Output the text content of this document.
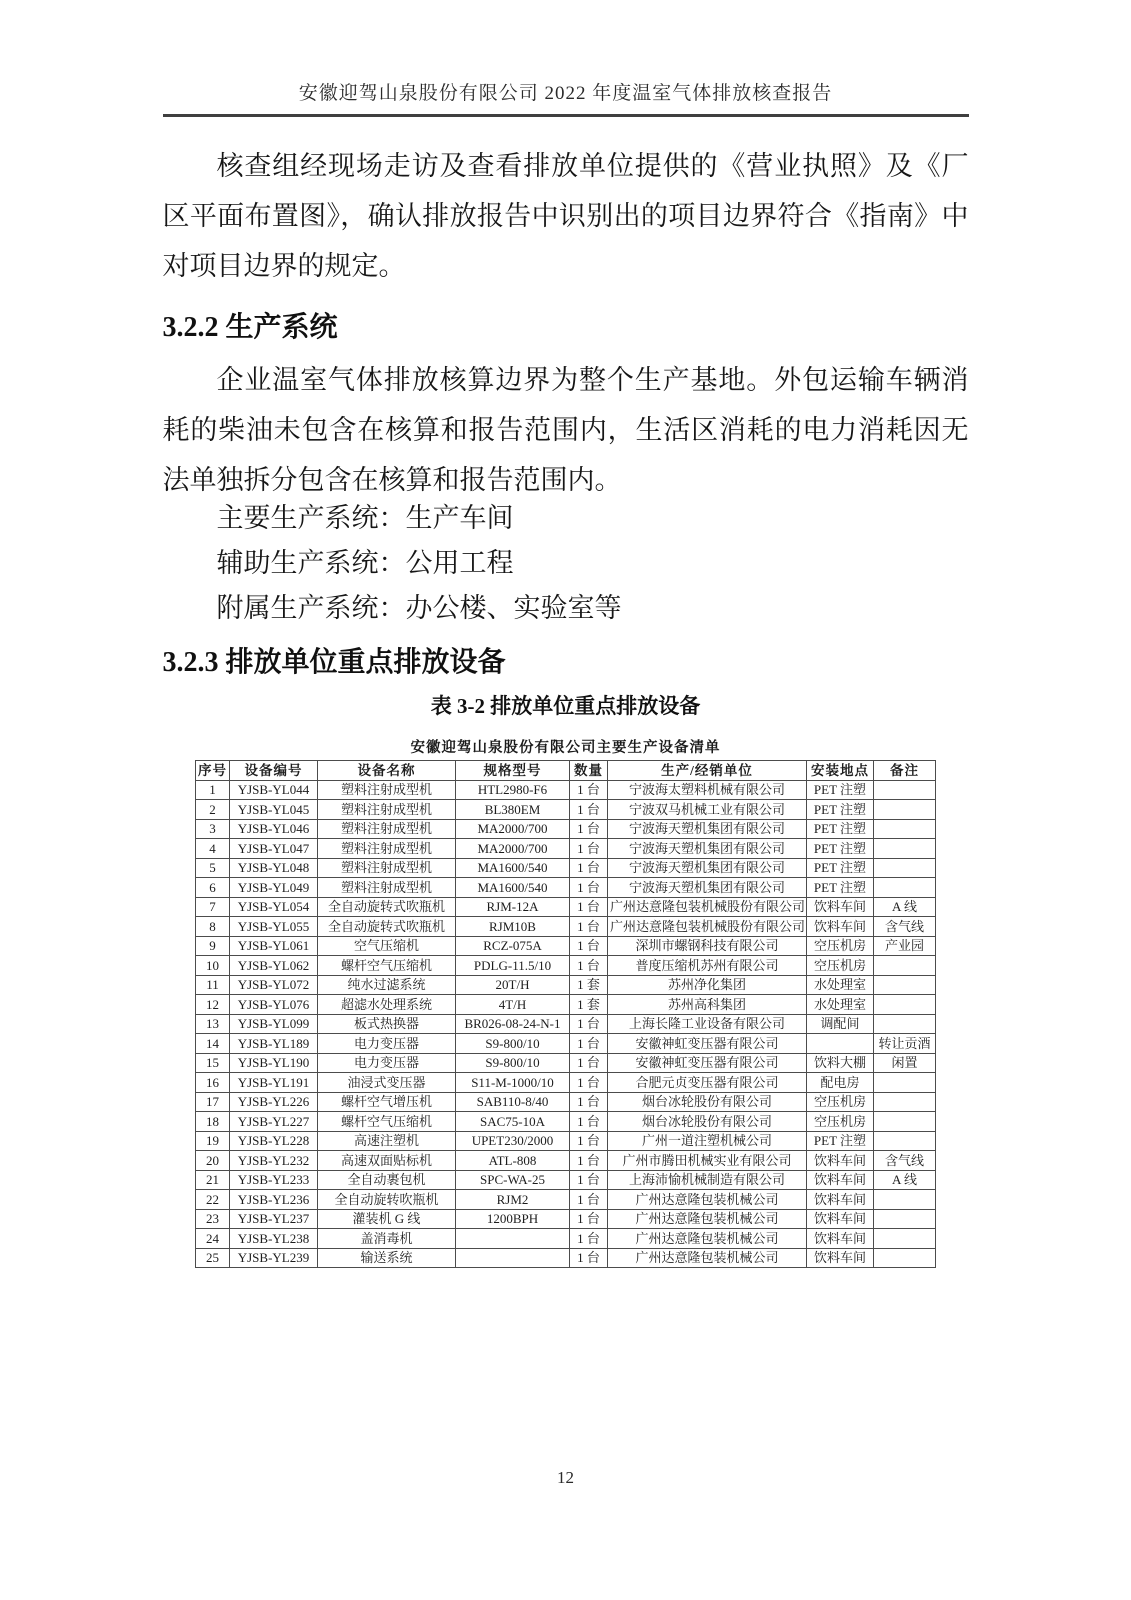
安徽迎驾山泉股份有限公司 2022 年度温室气体排放核查报告

核查组经现场走访及查看排放单位提供的《营业执照》及《厂区平面布置图》，确认排放报告中识别出的项目边界符合《指南》中对项目边界的规定。

3.2.2 生产系统

企业温室气体排放核算边界为整个生产基地。外包运输车辆消耗的柴油未包含在核算和报告范围内，生活区消耗的电力消耗因无法单独拆分包含在核算和报告范围内。

主要生产系统：生产车间

辅助生产系统：公用工程

附属生产系统：办公楼、实验室等

3.2.3 排放单位重点排放设备
表 3-2 排放单位重点排放设备
安徽迎驾山泉股份有限公司主要生产设备清单
序号	设备编号	设备名称	规格型号	数量	生产/经销单位	安装地点	备注
1	YJSB-YL044	塑料注射成型机	HTL2980-F6	1 台	宁波海太塑料机械有限公司	PET 注塑	
2	YJSB-YL045	塑料注射成型机	BL380EM	1 台	宁波双马机械工业有限公司	PET 注塑	
3	YJSB-YL046	塑料注射成型机	MA2000/700	1 台	宁波海天塑机集团有限公司	PET 注塑	
4	YJSB-YL047	塑料注射成型机	MA2000/700	1 台	宁波海天塑机集团有限公司	PET 注塑	
5	YJSB-YL048	塑料注射成型机	MA1600/540	1 台	宁波海天塑机集团有限公司	PET 注塑	
6	YJSB-YL049	塑料注射成型机	MA1600/540	1 台	宁波海天塑机集团有限公司	PET 注塑	
7	YJSB-YL054	全自动旋转式吹瓶机	RJM-12A	1 台	广州达意隆包装机械股份有限公司	饮料车间	A 线
8	YJSB-YL055	全自动旋转式吹瓶机	RJM10B	1 台	广州达意隆包装机械股份有限公司	饮料车间	含气线
9	YJSB-YL061	空气压缩机	RCZ-075A	1 台	深圳市螺钢科技有限公司	空压机房	产业园
10	YJSB-YL062	螺杆空气压缩机	PDLG-11.5/10	1 台	普度压缩机苏州有限公司	空压机房	
11	YJSB-YL072	纯水过滤系统	20T/H	1 套	苏州净化集团	水处理室	
12	YJSB-YL076	超滤水处理系统	4T/H	1 套	苏州高科集团	水处理室	
13	YJSB-YL099	板式热换器	BR026-08-24-N-1	1 台	上海长隆工业设备有限公司	调配间	
14	YJSB-YL189	电力变压器	S9-800/10	1 台	安徽神虹变压器有限公司		转让贡酒
15	YJSB-YL190	电力变压器	S9-800/10	1 台	安徽神虹变压器有限公司	饮料大棚	闲置
16	YJSB-YL191	油浸式变压器	S11-M-1000/10	1 台	合肥元贞变压器有限公司	配电房	
17	YJSB-YL226	螺杆空气增压机	SAB110-8/40	1 台	烟台冰轮股份有限公司	空压机房	
18	YJSB-YL227	螺杆空气压缩机	SAC75-10A	1 台	烟台冰轮股份有限公司	空压机房	
19	YJSB-YL228	高速注塑机	UPET230/2000	1 台	广州一道注塑机械公司	PET 注塑	
20	YJSB-YL232	高速双面贴标机	ATL-808	1 台	广州市腾田机械实业有限公司	饮料车间	含气线
21	YJSB-YL233	全自动裹包机	SPC-WA-25	1 台	上海沛愉机械制造有限公司	饮料车间	A 线
22	YJSB-YL236	全自动旋转吹瓶机	RJM2	1 台	广州达意隆包装机械公司	饮料车间	
23	YJSB-YL237	灌装机 G 线	1200BPH	1 台	广州达意隆包装机械公司	饮料车间	
24	YJSB-YL238	盖消毒机		1 台	广州达意隆包装机械公司	饮料车间	
25	YJSB-YL239	输送系统		1 台	广州达意隆包装机械公司	饮料车间	
12
